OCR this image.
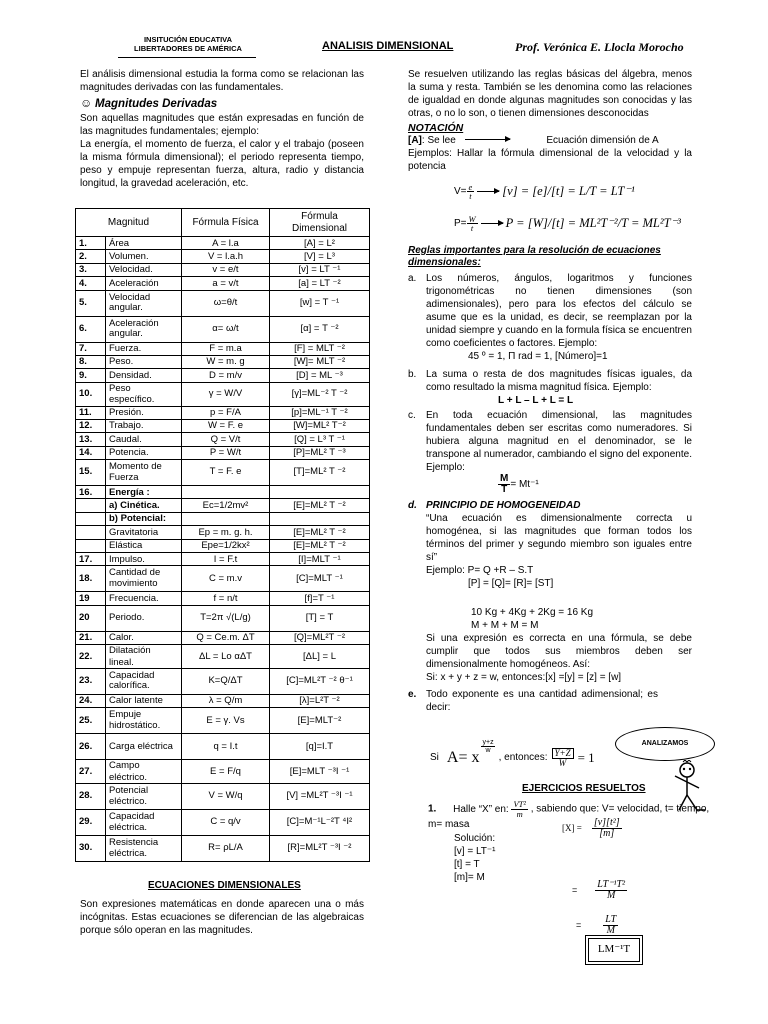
INSITUCIÓN EDUCATIVA
LIBERTADORES DE AMÉRICA	ANALISIS DIMENSIONAL	Prof. Verónica E. Llocla Morocho

El análisis dimensional estudia la forma como se relacionan las magnitudes derivadas con las fundamentales.

☺ Magnitudes Derivadas

Son aquellas magnitudes que están expresadas en función de las magnitudes fundamentales; ejemplo:

La energía, el momento de fuerza, el calor y el trabajo (poseen la misma fórmula dimensional); el periodo representa tiempo, peso y empuje representan fuerza, altura, radio y distancia longitud, la gravedad aceleración, etc.

Magnitud		Fórmula Física	Fórmula Dimensional
1.	Área	A = l.a	[A] = L²
2.	Volumen.	V = l.a.h	[V] = L³
3.	Velocidad.	v = e/t	[v] = LT ⁻¹
4.	Aceleración	a = v/t	[a] = LT ⁻²
5.	Velocidad angular.	ω=θ/t	[w] = T ⁻¹
6.	Aceleración angular.	α= ω/t	[α] = T ⁻²
7.	Fuerza.	F = m.a	[F] = MLT ⁻²
8.	Peso.	W = m. g	[W]= MLT ⁻²
9.	Densidad.	D = m/v	[D] = ML ⁻³
10.	Peso específico.	γ = W/V	[γ]=ML⁻² T ⁻²
11.	Presión.	p = F/A	[p]=ML⁻¹ T ⁻²
12.	Trabajo.	W = F. e	[W]=ML² T⁻²
13.	Caudal.	Q = V/t	[Q] = L³ T ⁻¹
14.	Potencia.	P = W/t	[P]=ML² T ⁻³
15.	Momento de Fuerza	T = F. e	[T]=ML² T ⁻²
16.	Energía :		
	a) Cinética.	Ec=1/2mv²	[E]=ML² T ⁻²
	b) Potencial:		
	Gravitatoria	Ep = m. g. h.	[E]=ML² T ⁻²
	Elástica	Epe=1/2kx²	[E]=ML² T ⁻²
17.	Impulso.	I = F.t	[I]=MLT ⁻¹
18.	Cantidad de movimiento	C = m.v	[C]=MLT ⁻¹
19	Frecuencia.	f = n/t	[f]=T ⁻¹
20	Periodo.	T=2π √(L/g)	[T] = T
21.	Calor.	Q = Ce.m. ΔT	[Q]=ML²T ⁻²
22.	Dilatación lineal.	ΔL = Lo αΔT	[ΔL] = L
23.	Capacidad calorífica.	K=Q/ΔT	[C]=ML²T ⁻² θ⁻¹
24.	Calor latente	λ = Q/m	[λ]=L²T ⁻²
25.	Empuje hidrostático.	E = γ. Vs	[E]=MLT⁻²
26.	Carga eléctrica	q = I.t	[q]=I.T
27.	Campo eléctrico.	E = F/q	[E]=MLT ⁻³I ⁻¹
28.	Potencial eléctrico.	V = W/q	[V] =ML²T ⁻³I ⁻¹
29.	Capacidad eléctrica.	C = q/v	[C]=M⁻¹L⁻²T ⁴I²
30.	Resistencia eléctrica.	R= ρL/A	[R]=ML²T ⁻³I ⁻²
ECUACIONES DIMENSIONALES

Son expresiones matemáticas en donde aparecen una o más incógnitas. Estas ecuaciones se diferencian de las algebraicas porque sólo operan en las magnitudes.

Se resuelven utilizando las reglas básicas del álgebra, menos la suma y resta. También se les denomina como las relaciones de igualdad en donde algunas magnitudes son conocidas y las otras, o no lo son, o tienen dimensiones desconocidas

NOTACIÓN
[A]: Se lee	Ecuación dimensión de A

Ejemplos: Hallar la fórmula dimensional de la velocidad y la potencia

$V= \frac{e}{t} [v] = [e]/[t] = L/T = LT^{-1}$
$P= \frac{W}{t}$ P = [W]/[t] = ML²T⁻²/T = ML²T⁻³
Reglas importantes para la resolución de ecuaciones dimensionales:
a. Los números, ángulos, logaritmos y funciones trigonométricas no tienen dimensiones (son adimensionales), pero para los efectos del cálculo se asume que es la unidad, es decir, se reemplazan por la unidad siempre y cuando en la formula física se encuentren como coeficientes o factores. Ejemplo:
45 º = 1, Π rad = 1, [Número]=1
b. La suma o resta de dos magnitudes físicas iguales, da como resultado la misma magnitud física. Ejemplo:
L + L – L + L = L
c. En toda ecuación dimensional, las magnitudes fundamentales deben ser escritas como numeradores. Si hubiera alguna magnitud en el denominador, se le transpone al numerador, cambiando el signo del exponente. Ejemplo:
$\frac{M}{T} = Mt^{-1}$
d. PRINCIPIO DE HOMOGENEIDAD
“Una ecuación es dimensionalmente correcta u homogénea, si las magnitudes que forman todos los términos del primer y segundo miembro son iguales entre sí”
Ejemplo: P= Q +R – S.T
[P] = [Q]= [R]= [ST]
10 Kg + 4Kg + 2Kg = 16 Kg
M + M + M = M
Si una expresión es correcta en una fórmula, se debe cumplir que todos sus miembros deben ser dimensionalmente homogéneos. Así:
Si: x + y + z = w, entonces:[x] =[y] = [z] = [w]
e. Todo exponente es una cantidad adimensional; es decir:
Si A= x
y+z
w
, entonces: $\frac{Y+Z}{W} = 1$
ANALIZAMOS
EJERCICIOS RESUELTOS
1. Halle “X” en: $\frac{\text{VT²}}{m}$ , sabiendo que: V= velocidad, t= tiempo, m= masa
Solución:
[v] = LT⁻¹
[t] = T
[m]= M
$[X] = \frac{\text{[v][t²]}}{[m]}$
= $\frac{\text{LT⁻¹T²}}{M}$
= $\frac{LT}{M}$
LM⁻¹T
